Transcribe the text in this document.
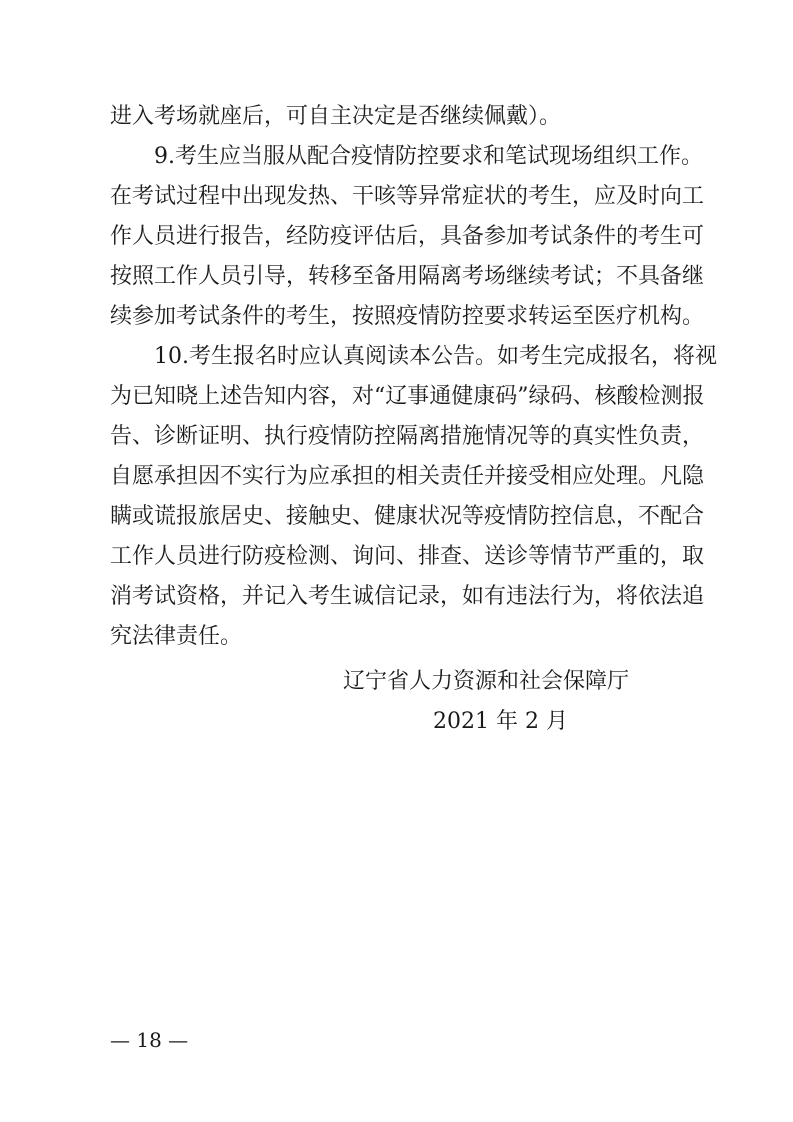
进入考场就座后，可自主决定是否继续佩戴）。
9.考生应当服从配合疫情防控要求和笔试现场组织工作。
在考试过程中出现发热、干咳等异常症状的考生，应及时向工
作人员进行报告，经防疫评估后，具备参加考试条件的考生可
按照工作人员引导，转移至备用隔离考场继续考试；不具备继
续参加考试条件的考生，按照疫情防控要求转运至医疗机构。
10.考生报名时应认真阅读本公告。如考生完成报名，将视
为已知晓上述告知内容，对“辽事通健康码”绿码、核酸检测报
告、诊断证明、执行疫情防控隔离措施情况等的真实性负责，
自愿承担因不实行为应承担的相关责任并接受相应处理。凡隐
瞒或谎报旅居史、接触史、健康状况等疫情防控信息，不配合
工作人员进行防疫检测、询问、排查、送诊等情节严重的，取
消考试资格，并记入考生诚信记录，如有违法行为，将依法追
究法律责任。
辽宁省人力资源和社会保障厅
2021 年 2 月
— 18 —
